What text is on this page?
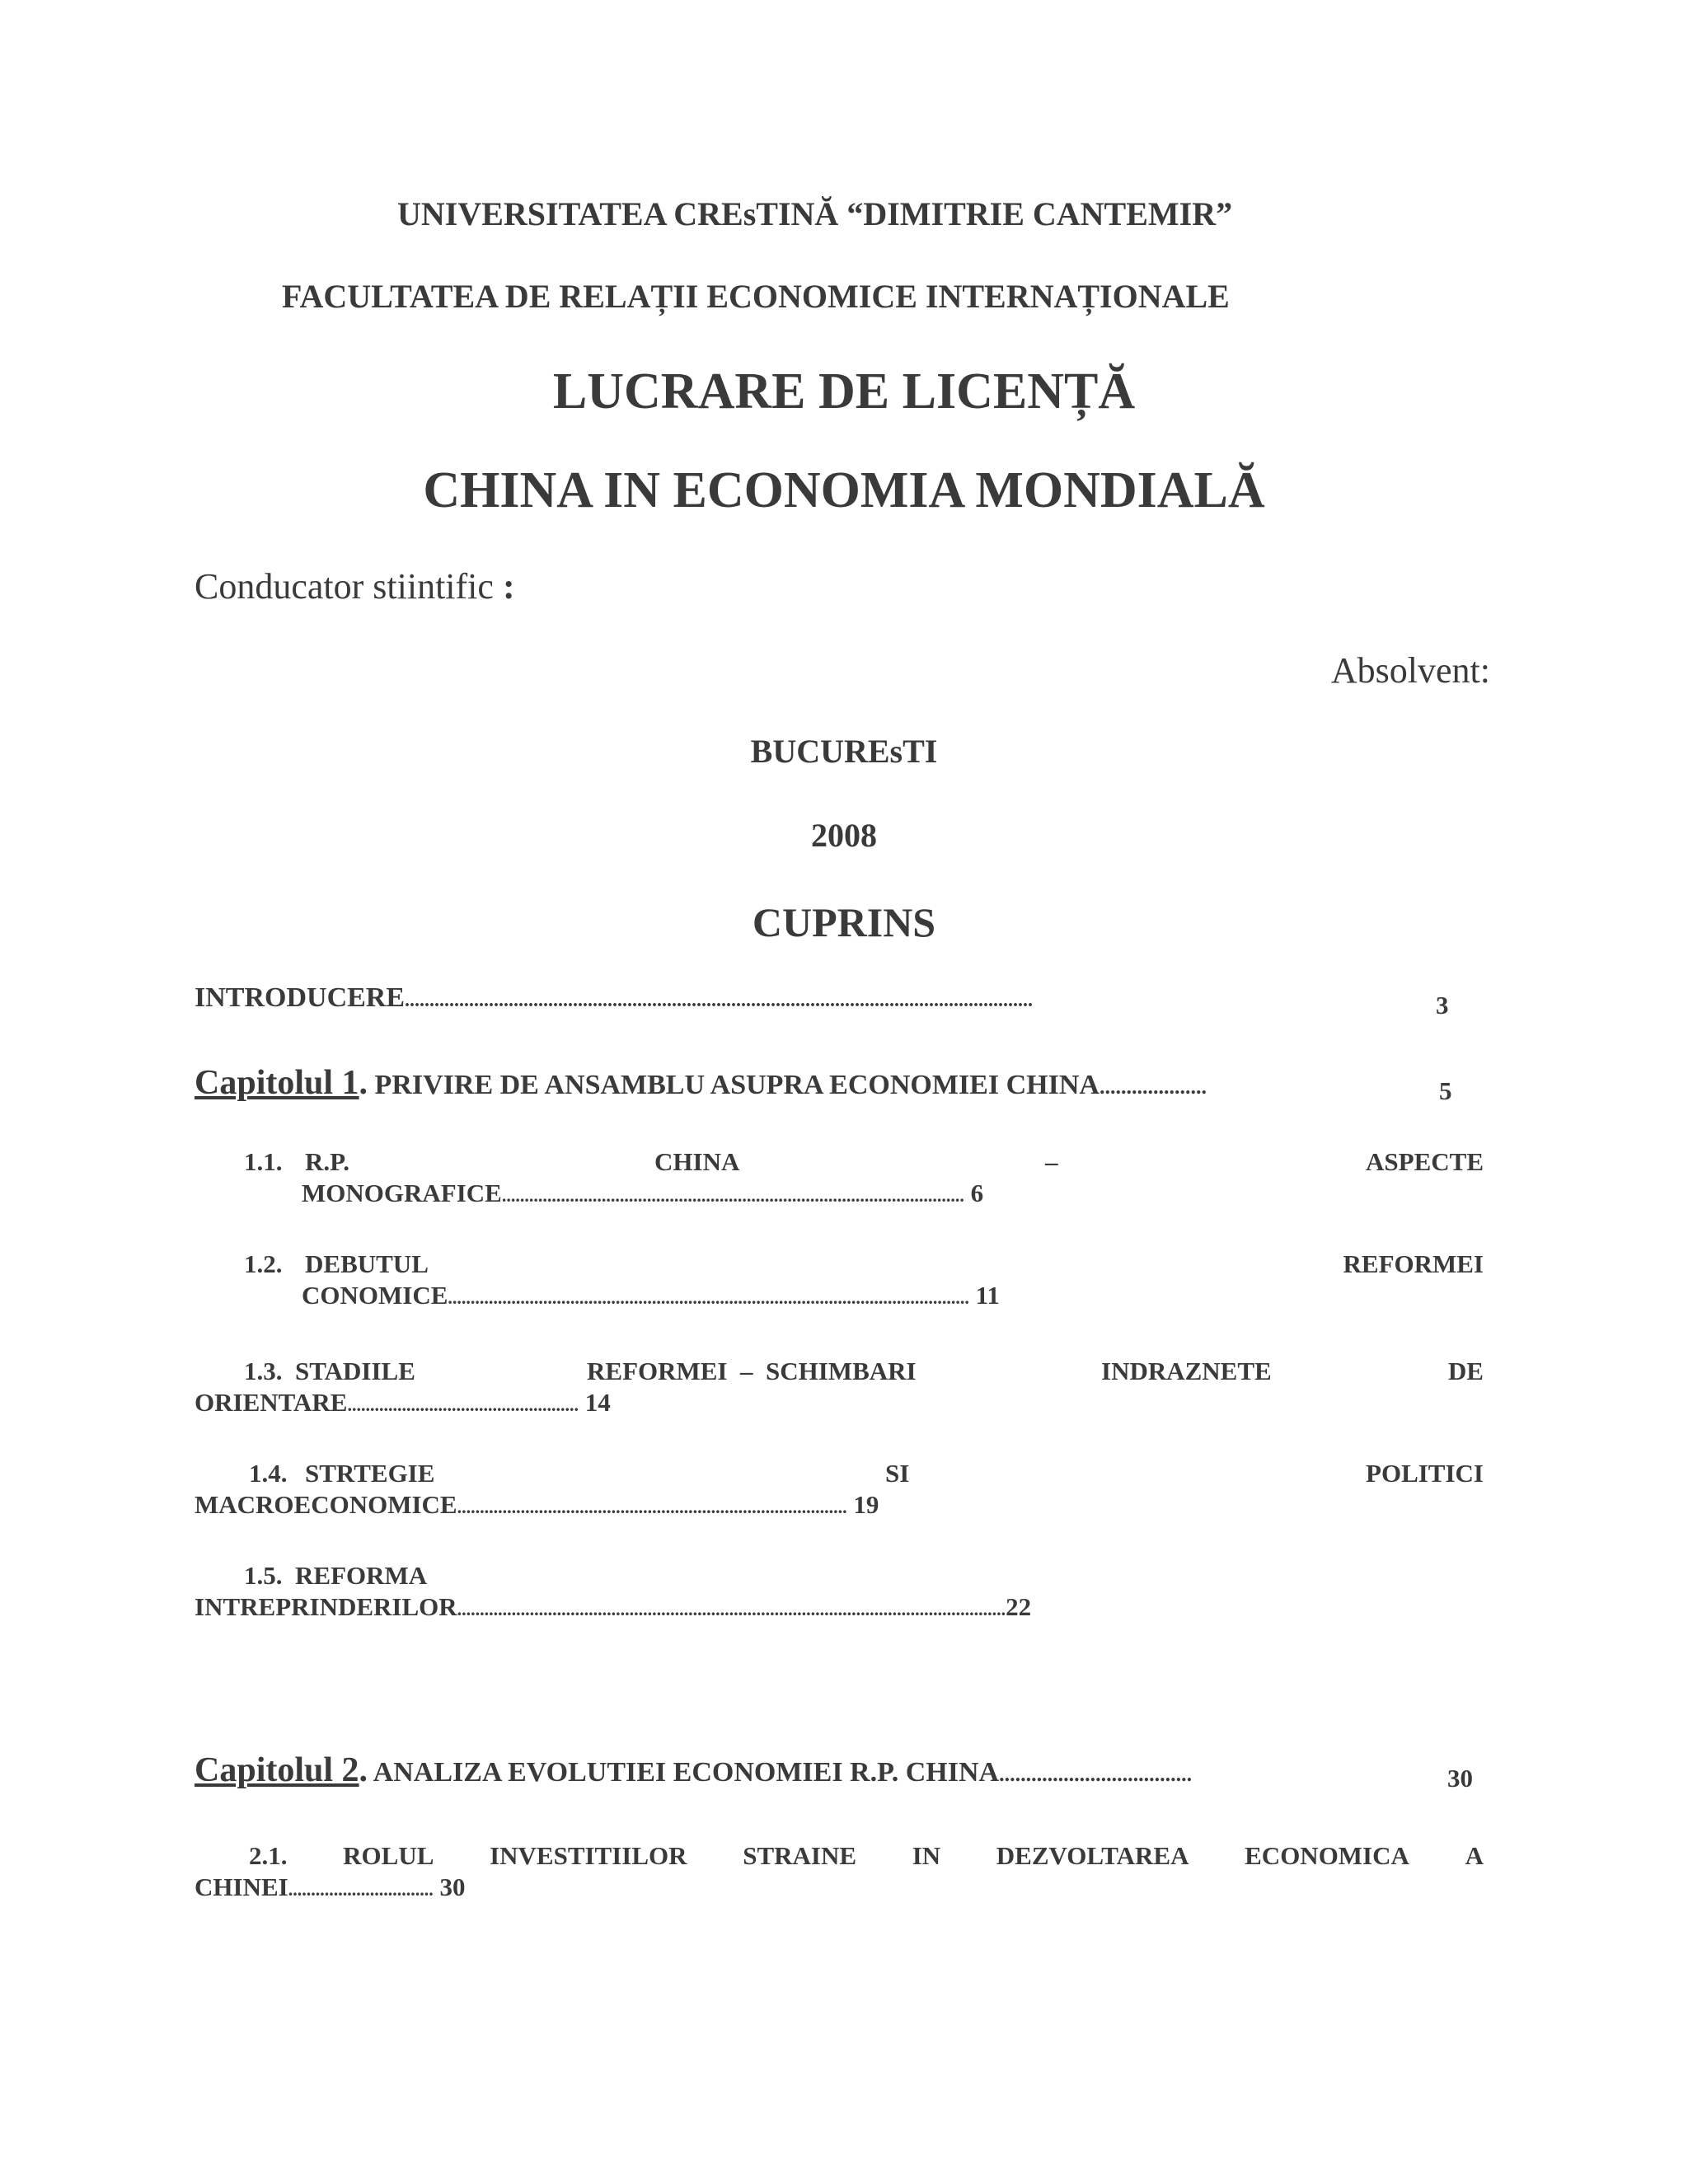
UNIVERSITATEA CREsTINĂ “DIMITRIE CANTEMIR”
FACULTATEA DE RELAȚII ECONOMICE INTERNAȚIONALE
LUCRARE DE LICENȚĂ
CHINA IN ECONOMIA MONDIALĂ
Conducator stiintific :
Absolvent:
BUCUREsTI
2008
CUPRINS
INTRODUCERE...............................................................................................................................	3
Capitolul 1. PRIVIRE DE ANSAMBLU ASUPRA ECONOMIEI CHINA....................	5
1.1. R.P.	CHINA	–	ASPECTE
MONOGRAFICE...................................................................................................... 6
1.2. DEBUTUL	REFORMEI
CONOMICE................................................................................................................... 11
1.3. STADIILE	REFORMEI  –  SCHIMBARI	INDRAZNETE	DE
ORIENTARE................................................... 14
1.4. STRTEGIE	SI	POLITICI
MACROECONOMICE...................................................................................... 19
1.5. REFORMA
INTREPRINDERILOR.........................................................................................................................22
Capitolul 2. ANALIZA EVOLUTIEI ECONOMIEI R.P. CHINA....................................	30
2.1. ROLUL INVESTITIILOR STRAINE IN DEZVOLTAREA ECONOMICA A
CHINEI................................ 30
